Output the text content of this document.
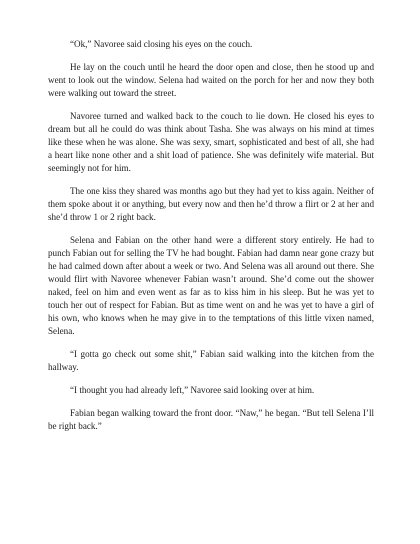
“Ok,” Navoree said closing his eyes on the couch.

He lay on the couch until he heard the door open and close, then he stood up and went to look out the window. Selena had waited on the porch for her and now they both were walking out toward the street.

Navoree turned and walked back to the couch to lie down. He closed his eyes to dream but all he could do was think about Tasha. She was always on his mind at times like these when he was alone. She was sexy, smart, sophisticated and best of all, she had a heart like none other and a shit load of patience. She was definitely wife material. But seemingly not for him.

The one kiss they shared was months ago but they had yet to kiss again. Neither of them spoke about it or anything, but every now and then he’d throw a flirt or 2 at her and she’d throw 1 or 2 right back.

Selena and Fabian on the other hand were a different story entirely. He had to punch Fabian out for selling the TV he had bought. Fabian had damn near gone crazy but he had calmed down after about a week or two. And Selena was all around out there. She would flirt with Navoree whenever Fabian wasn’t around. She’d come out the shower naked, feel on him and even went as far as to kiss him in his sleep. But he was yet to touch her out of respect for Fabian. But as time went on and he was yet to have a girl of his own, who knows when he may give in to the temptations of this little vixen named, Selena.

“I gotta go check out some shit,” Fabian said walking into the kitchen from the hallway.

“I thought you had already left,” Navoree said looking over at him.

Fabian began walking toward the front door. “Naw,” he began. “But tell Selena I’ll be right back.”
